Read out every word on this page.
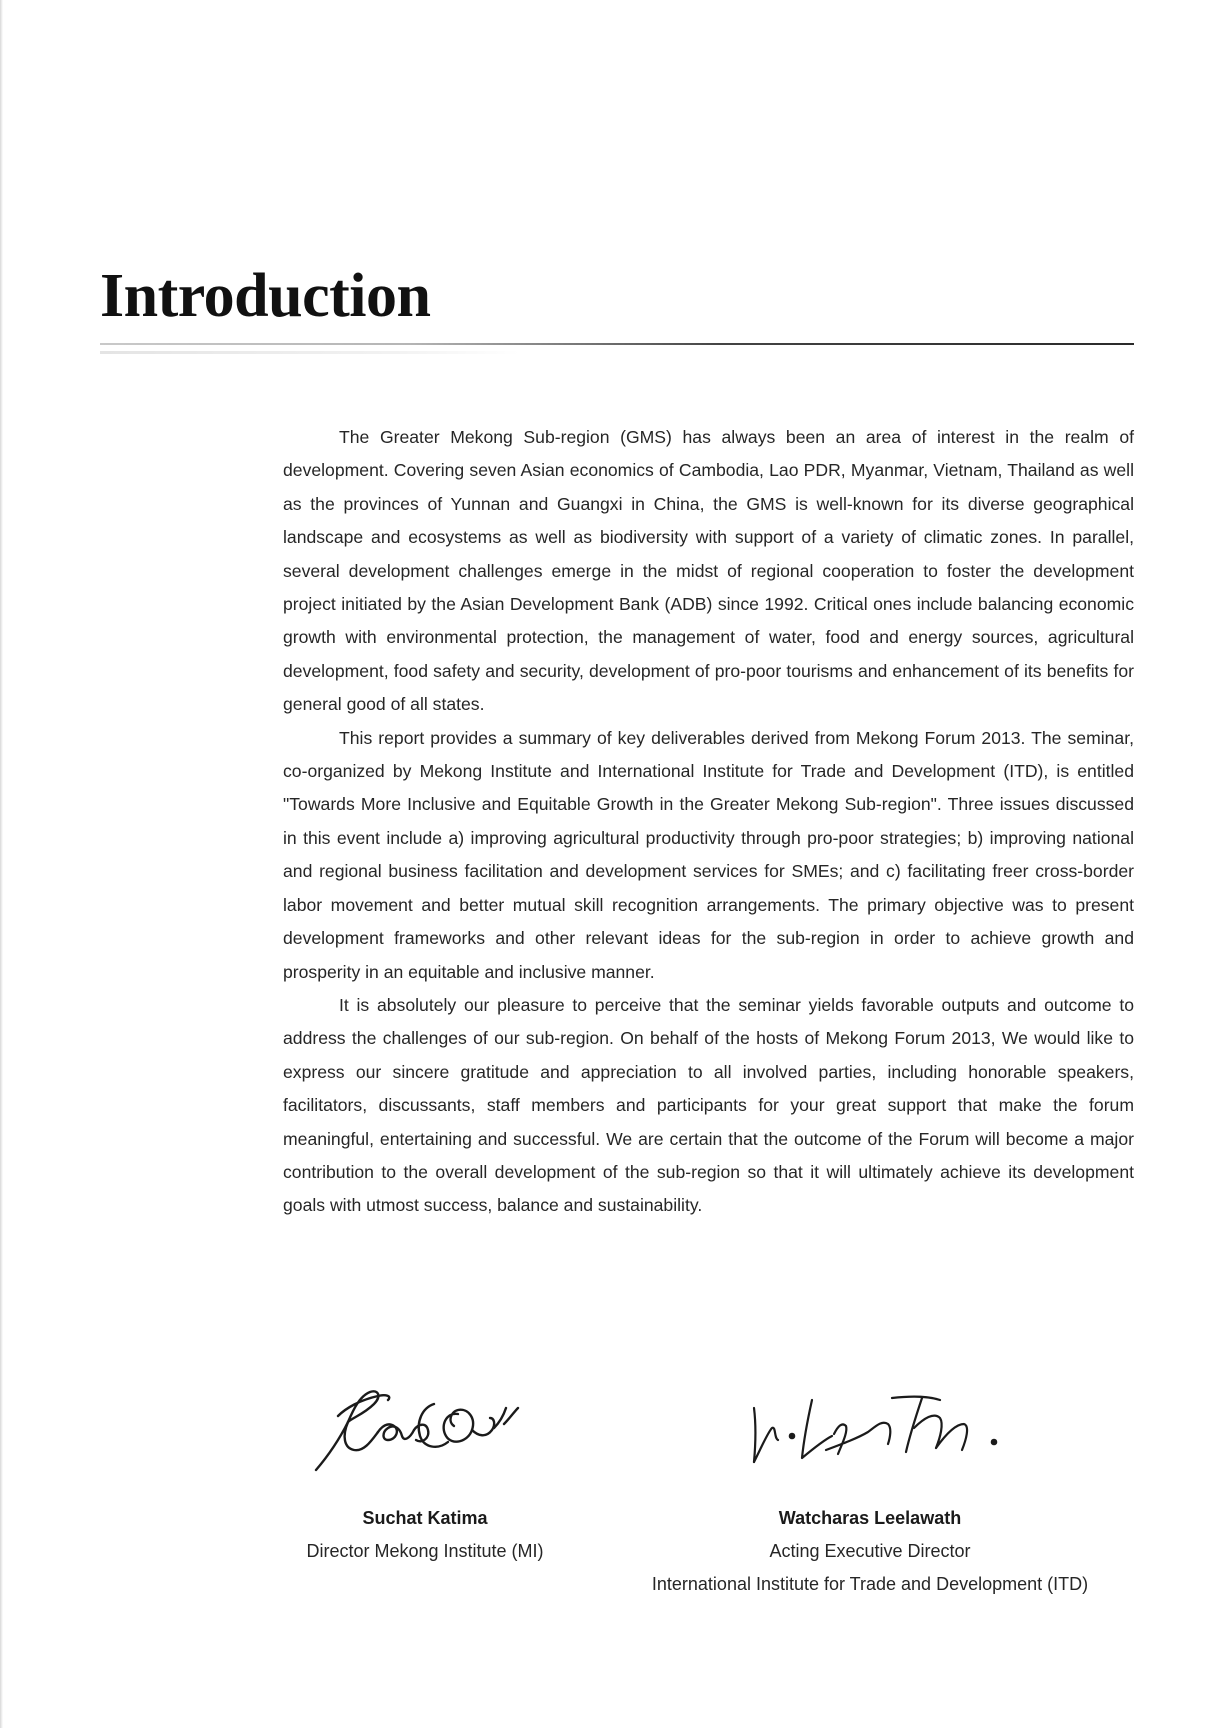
Introduction

The Greater Mekong Sub-region (GMS) has always been an area of interest in the realm of development. Covering seven Asian economics of Cambodia, Lao PDR, Myanmar, Vietnam, Thailand as well as the provinces of Yunnan and Guangxi in China, the GMS is well-known for its diverse geographical landscape and ecosystems as well as biodiversity with support of a variety of climatic zones. In parallel, several development challenges emerge in the midst of regional cooperation to foster the development project initiated by the Asian Development Bank (ADB) since 1992. Critical ones include balancing economic growth with environmental protection, the management of water, food and energy sources, agricultural development, food safety and security, development of pro-poor tourisms and enhancement of its benefits for general good of all states.

This report provides a summary of key deliverables derived from Mekong Forum 2013. The seminar, co-organized by Mekong Institute and International Institute for Trade and Development (ITD), is entitled "Towards More Inclusive and Equitable Growth in the Greater Mekong Sub-region". Three issues discussed in this event include a) improving agricultural productivity through pro-poor strategies; b) improving national and regional business facilitation and development services for SMEs; and c) facilitating freer cross-border labor movement and better mutual skill recognition arrangements. The primary objective was to present development frameworks and other relevant ideas for the sub-region in order to achieve growth and prosperity in an equitable and inclusive manner.

It is absolutely our pleasure to perceive that the seminar yields favorable outputs and outcome to address the challenges of our sub-region. On behalf of the hosts of Mekong Forum 2013, We would like to express our sincere gratitude and appreciation to all involved parties, including honorable speakers, facilitators, discussants, staff members and participants for your great support that make the forum meaningful, entertaining and successful. We are certain that the outcome of the Forum will become a major contribution to the overall development of the sub-region so that it will ultimately achieve its development goals with utmost success, balance and sustainability.

Suchat Katima
Director Mekong Institute (MI)
Watcharas Leelawath
Acting Executive Director
International Institute for Trade and Development (ITD)
